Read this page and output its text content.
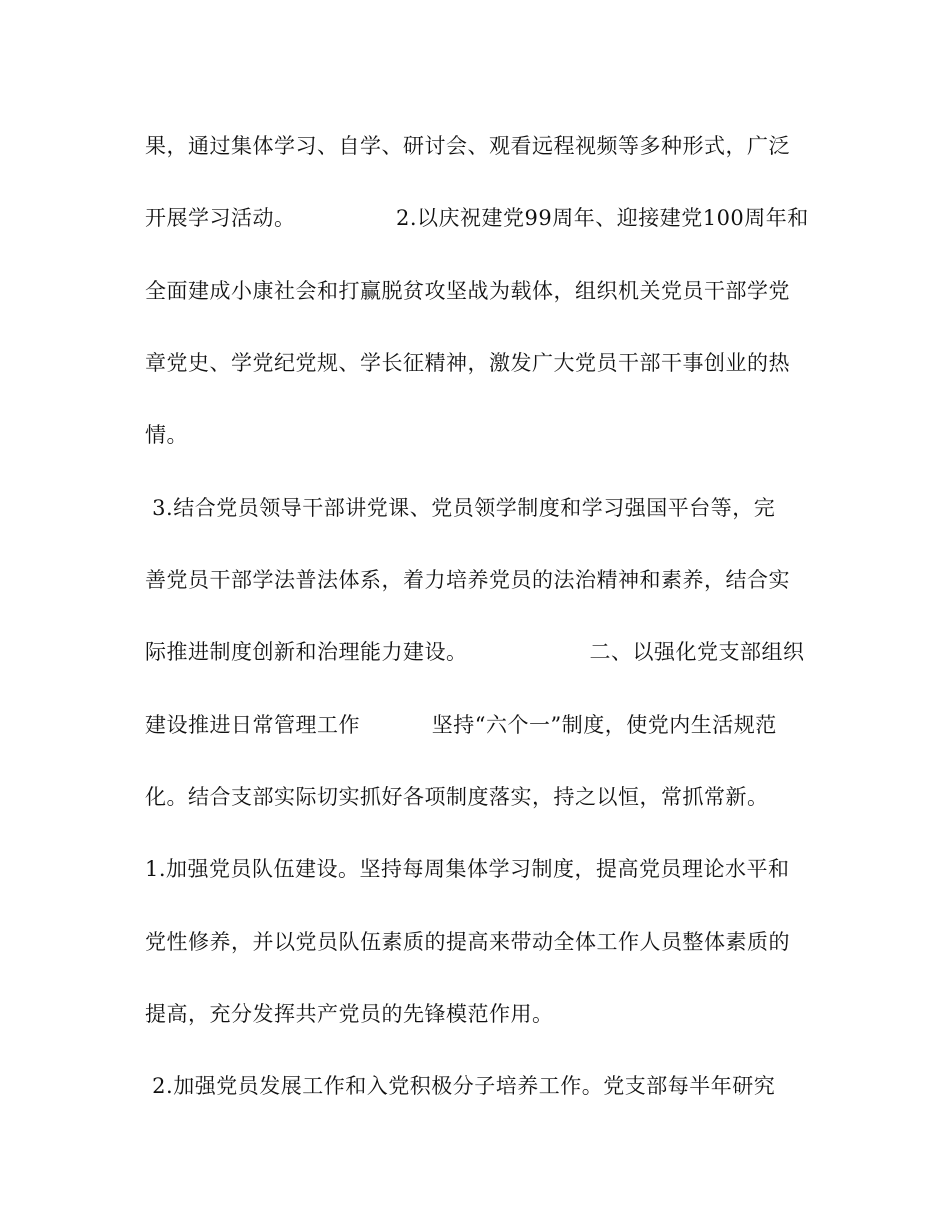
果，通过集体学习、自学、研讨会、观看远程视频等多种形式，广泛
开展学习活动。              2.以庆祝建党99周年、迎接建党100周年和
全面建成小康社会和打赢脱贫攻坚战为载体，组织机关党员干部学党
章党史、学党纪党规、学长征精神，激发广大党员干部干事创业的热
情。
3.结合党员领导干部讲党课、党员领学制度和学习强国平台等，完
善党员干部学法普法体系，着力培养党员的法治精神和素养，结合实
际推进制度创新和治理能力建设。                 二、以强化党支部组织
建设推进日常管理工作          坚持“六个一”制度，使党内生活规范
化。结合支部实际切实抓好各项制度落实，持之以恒，常抓常新。
1.加强党员队伍建设。坚持每周集体学习制度，提高党员理论水平和
党性修养，并以党员队伍素质的提高来带动全体工作人员整体素质的
提高，充分发挥共产党员的先锋模范作用。
2.加强党员发展工作和入党积极分子培养工作。党支部每半年研究
